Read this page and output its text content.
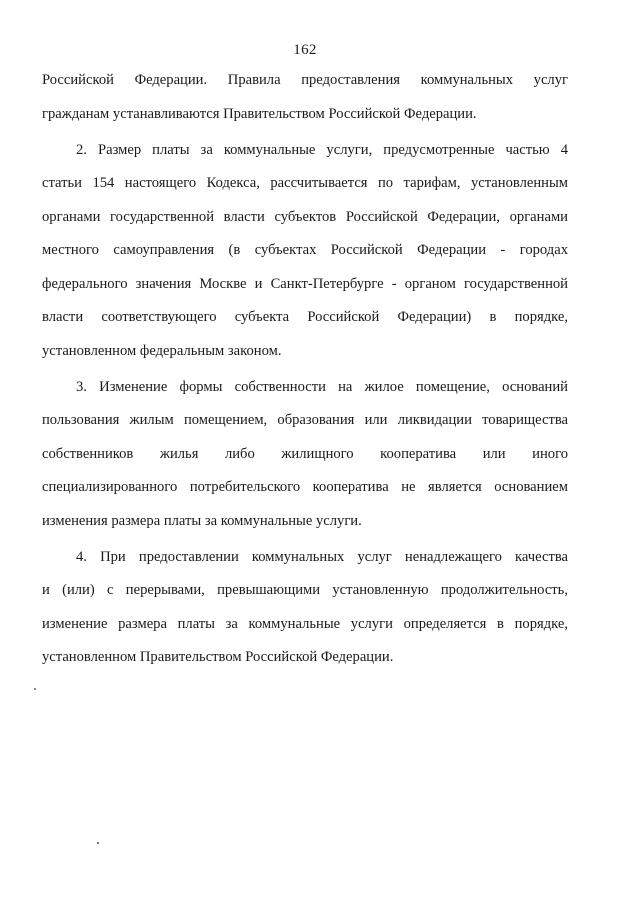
162

Российской Федерации. Правила предоставления коммунальных услуг
гражданам устанавливаются Правительством Российской Федерации.

2. Размер платы за коммунальные услуги, предусмотренные частью 4
статьи 154 настоящего Кодекса, рассчитывается по тарифам, установленным
органами государственной власти субъектов Российской Федерации, органами
местного самоуправления (в субъектах Российской Федерации - городах
федерального значения Москве и Санкт-Петербурге - органом государственной
власти соответствующего субъекта Российской Федерации) в порядке,
установленном федеральным законом.

3. Изменение формы собственности на жилое помещение, оснований
пользования жилым помещением, образования или ликвидации товарищества
собственников жилья либо жилищного кооператива или иного
специализированного потребительского кооператива не является основанием
изменения размера платы за коммунальные услуги.

4. При предоставлении коммунальных услуг ненадлежащего качества
и (или) с перерывами, превышающими установленную продолжительность,
изменение размера платы за коммунальные услуги определяется в порядке,
установленном Правительством Российской Федерации.
